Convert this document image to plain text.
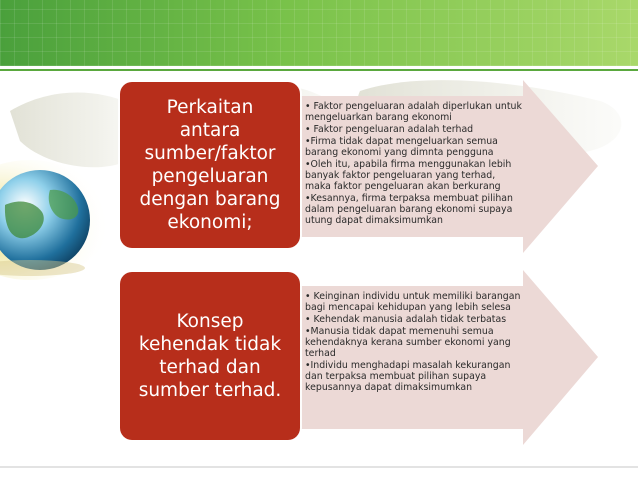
• Faktor pengeluaran adalah diperlukan untuk
mengeluarkan barang ekonomi
• Faktor pengeluaran adalah terhad
•Firma tidak dapat mengeluarkan semua
barang ekonomi yang dimnta pengguna
•Oleh itu, apabila firma menggunakan lebih
banyak faktor pengeluaran yang terhad,
maka faktor pengeluaran akan berkurang
•Kesannya, firma terpaksa membuat pilihan
dalam pengeluaran barang ekonomi supaya
utung dapat dimaksimumkan
• Keinginan individu untuk memiliki barangan
bagi mencapai kehidupan yang lebih selesa
• Kehendak manusia adalah tidak terbatas
•Manusia tidak dapat memenuhi semua
kehendaknya kerana sumber ekonomi yang
terhad
•Individu menghadapi masalah kekurangan
dan terpaksa membuat pilihan supaya
kepusannya dapat dimaksimumkan
Perkaitan
antara
sumber/faktor
pengeluaran
dengan barang
ekonomi;
Konsep
kehendak tidak
terhad dan
sumber terhad.
